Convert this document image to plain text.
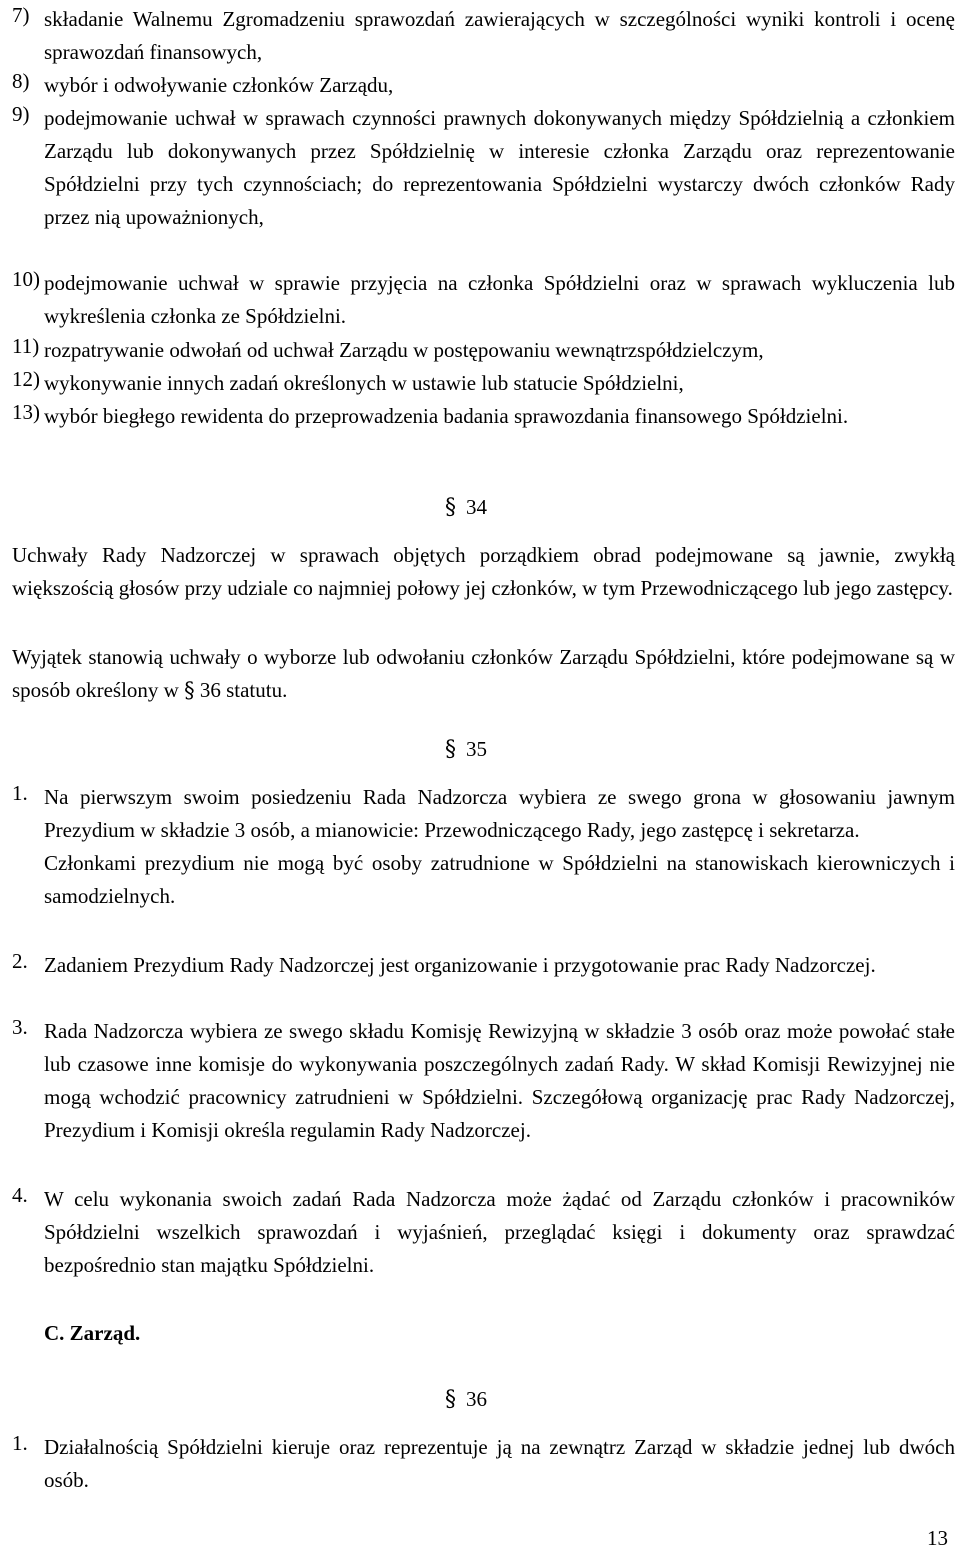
7) składanie Walnemu Zgromadzeniu sprawozdań zawierających w szczególności wyniki kontroli i ocenę sprawozdań finansowych,
8) wybór i odwoływanie członków Zarządu,
9) podejmowanie uchwał w sprawach czynności prawnych dokonywanych między Spółdzielnią a członkiem Zarządu lub dokonywanych przez Spółdzielnię w interesie członka Zarządu oraz reprezentowanie Spółdzielni przy tych czynnościach; do reprezentowania Spółdzielni wystarczy dwóch członków Rady przez nią upoważnionych,
10) podejmowanie uchwał w sprawie przyjęcia na członka Spółdzielni oraz w sprawach wykluczenia lub wykreślenia członka ze Spółdzielni.
11) rozpatrywanie odwołań od uchwał Zarządu w postępowaniu wewnątrzspółdzielczym,
12) wykonywanie innych zadań określonych w ustawie lub statucie Spółdzielni,
13) wybór biegłego rewidenta do przeprowadzenia badania sprawozdania finansowego Spółdzielni.
§ 34
Uchwały Rady Nadzorczej w sprawach objętych porządkiem obrad podejmowane są jawnie, zwykłą większością głosów przy udziale co najmniej połowy jej członków, w tym Przewodniczącego lub jego zastępcy.
Wyjątek stanowią uchwały o wyborze lub odwołaniu członków Zarządu Spółdzielni, które podejmowane są w sposób określony w § 36 statutu.
§ 35
1. Na pierwszym swoim posiedzeniu Rada Nadzorcza wybiera ze swego grona w głosowaniu jawnym Prezydium w składzie 3 osób, a mianowicie: Przewodniczącego Rady, jego zastępcę i sekretarza.
Członkami prezydium nie mogą być osoby zatrudnione w Spółdzielni na stanowiskach kierowniczych i samodzielnych.
2. Zadaniem Prezydium Rady Nadzorczej jest organizowanie i przygotowanie prac Rady Nadzorczej.
3. Rada Nadzorcza wybiera ze swego składu Komisję Rewizyjną w składzie 3 osób oraz może powołać stałe lub czasowe inne komisje do wykonywania poszczególnych zadań Rady. W skład Komisji Rewizyjnej nie mogą wchodzić pracownicy zatrudnieni w Spółdzielni. Szczegółową organizację prac Rady Nadzorczej, Prezydium i Komisji określa regulamin Rady Nadzorczej.
4. W celu wykonania swoich zadań Rada Nadzorcza może żądać od Zarządu członków i pracowników Spółdzielni wszelkich sprawozdań i wyjaśnień, przeglądać księgi i dokumenty oraz sprawdzać bezpośrednio stan majątku Spółdzielni.
C. Zarząd.
§ 36
1. Działalnością Spółdzielni kieruje oraz reprezentuje ją na zewnątrz Zarząd w składzie jednej lub dwóch osób.
13
